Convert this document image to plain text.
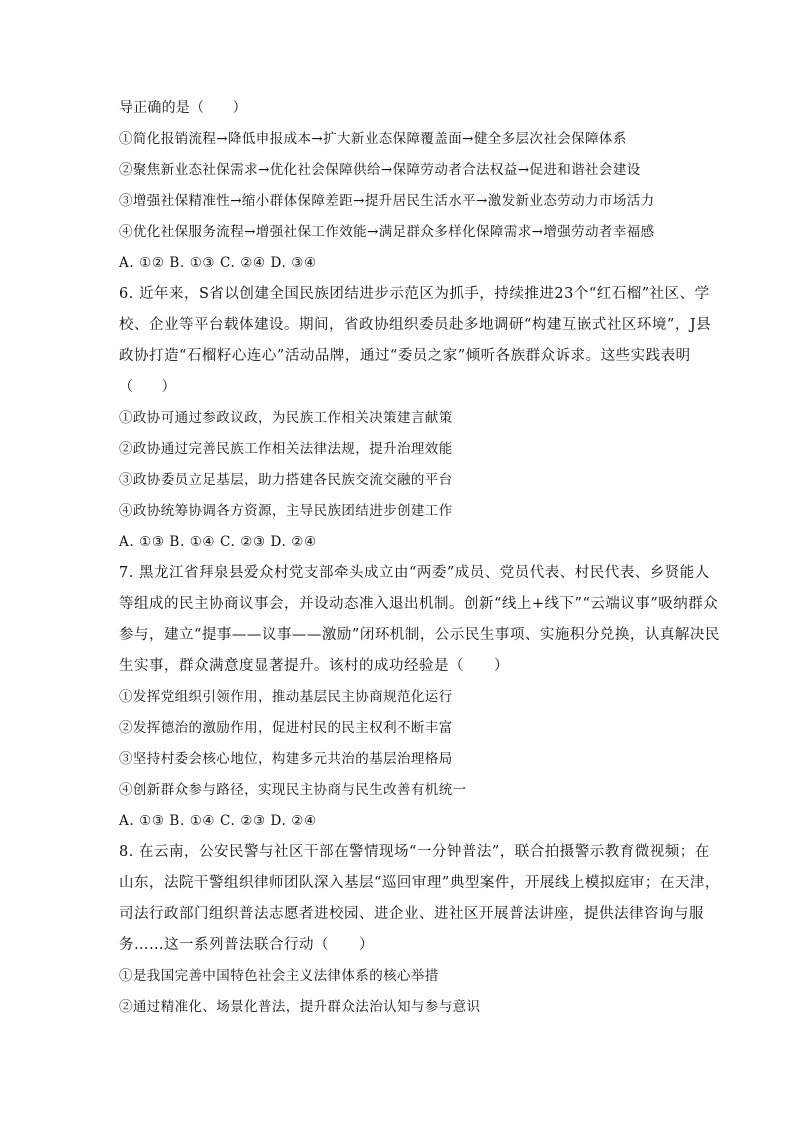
导正确的是（　　）
①简化报销流程→降低申报成本→扩大新业态保障覆盖面→健全多层次社会保障体系
②聚焦新业态社保需求→优化社会保障供给→保障劳动者合法权益→促进和谐社会建设
③增强社保精准性→缩小群体保障差距→提升居民生活水平→激发新业态劳动力市场活力
④优化社保服务流程→增强社保工作效能→满足群众多样化保障需求→增强劳动者幸福感
A. ①② B. ①③ C. ②④ D. ③④
6. 近年来，S省以创建全国民族团结进步示范区为抓手，持续推进23个“红石榴”社区、学
校、企业等平台载体建设。期间，省政协组织委员赴多地调研“构建互嵌式社区环境”，J县
政协打造“石榴籽心连心”活动品牌，通过“委员之家”倾听各族群众诉求。这些实践表明
（　　）
①政协可通过参政议政，为民族工作相关决策建言献策
②政协通过完善民族工作相关法律法规，提升治理效能
③政协委员立足基层，助力搭建各民族交流交融的平台
④政协统筹协调各方资源，主导民族团结进步创建工作
A. ①③ B. ①④ C. ②③ D. ②④
7. 黑龙江省拜泉县爱众村党支部牵头成立由“两委”成员、党员代表、村民代表、乡贤能人
等组成的民主协商议事会，并设动态准入退出机制。创新“线上+线下”“云端议事”吸纳群众
参与，建立“提事——议事——激励”闭环机制，公示民生事项、实施积分兑换，认真解决民
生实事，群众满意度显著提升。该村的成功经验是（　　）
①发挥党组织引领作用，推动基层民主协商规范化运行
②发挥德治的激励作用，促进村民的民主权利不断丰富
③坚持村委会核心地位，构建多元共治的基层治理格局
④创新群众参与路径，实现民主协商与民生改善有机统一
A. ①③ B. ①④ C. ②③ D. ②④
8. 在云南，公安民警与社区干部在警情现场“一分钟普法”，联合拍摄警示教育微视频；在
山东，法院干警组织律师团队深入基层“巡回审理”典型案件，开展线上模拟庭审；在天津，
司法行政部门组织普法志愿者进校园、进企业、进社区开展普法讲座，提供法律咨询与服
务……这一系列普法联合行动（　　）
①是我国完善中国特色社会主义法律体系的核心举措
②通过精准化、场景化普法，提升群众法治认知与参与意识
